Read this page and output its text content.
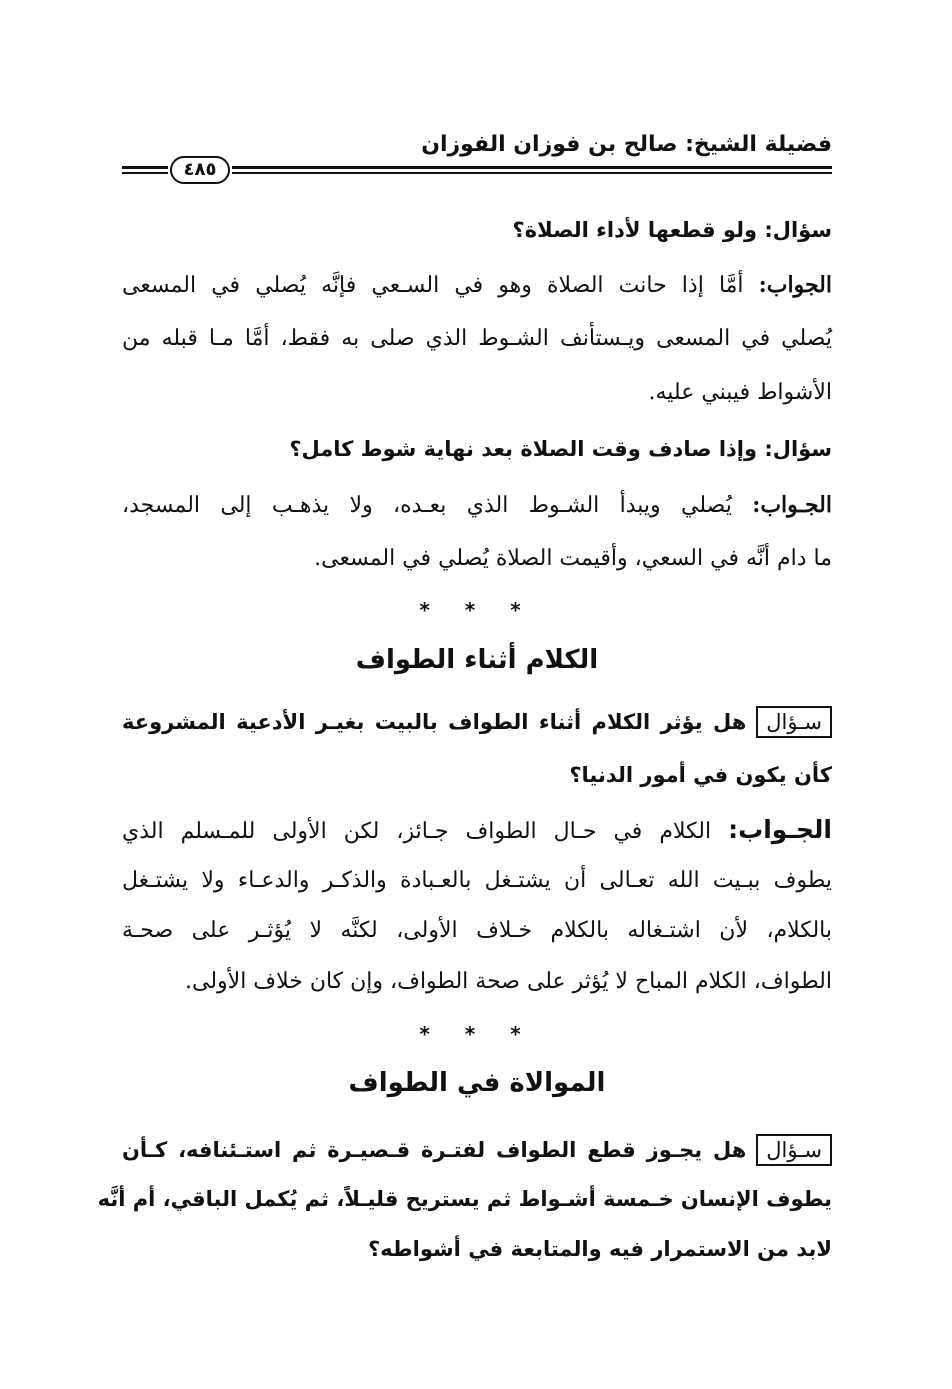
فضيلة الشيخ: صالح بن فوزان الفوزان
٤٨٥
سؤال: ولو قطعها لأداء الصلاة؟
الجواب: أمَّا إذا حانت الصلاة وهو في السـعي فإنَّه يُصلي في المسعى
يُصلي في المسعى ويـستأنف الشـوط الذي صلى به فقط، أمَّا مـا قبله من
الأشواط فيبني عليه.
سؤال: وإذا صادف وقت الصلاة بعد نهاية شوط كامل؟
الجـواب: يُصلي ويبدأ الشـوط الذي بعـده، ولا يذهـب إلى المسجد،
ما دام أنَّه في السعي، وأقيمت الصلاة يُصلي في المسعى.
* * *
الكلام أثناء الطواف
سـؤالهل يؤثر الكلام أثناء الطواف بالبيت بغيـر الأدعية المشروعة
كأن يكون في أمور الدنيا؟
الجـواب: الكلام في حـال الطواف جـائز، لكن الأولى للمـسلم الذي
يطوف ببـيت الله تعـالى أن يشتـغل بالعـبادة والذكـر والدعـاء ولا يشتـغل
بالكلام، لأن اشتـغاله بالكلام خـلاف الأولى، لكنَّه لا يُؤثـر على صحـة
الطواف، الكلام المباح لا يُؤثر على صحة الطواف، وإن كان خلاف الأولى.
* * *
الموالاة في الطواف
سـؤالهل يجـوز قطع الطواف لفتـرة قـصيـرة ثم استـئنافه، كـأن
يطوف الإنسان خـمسة أشـواط ثم يستريح قليـلاً، ثم يُكمل الباقي، أم أنَّه
لابد من الاستمرار فيه والمتابعة في أشواطه؟
